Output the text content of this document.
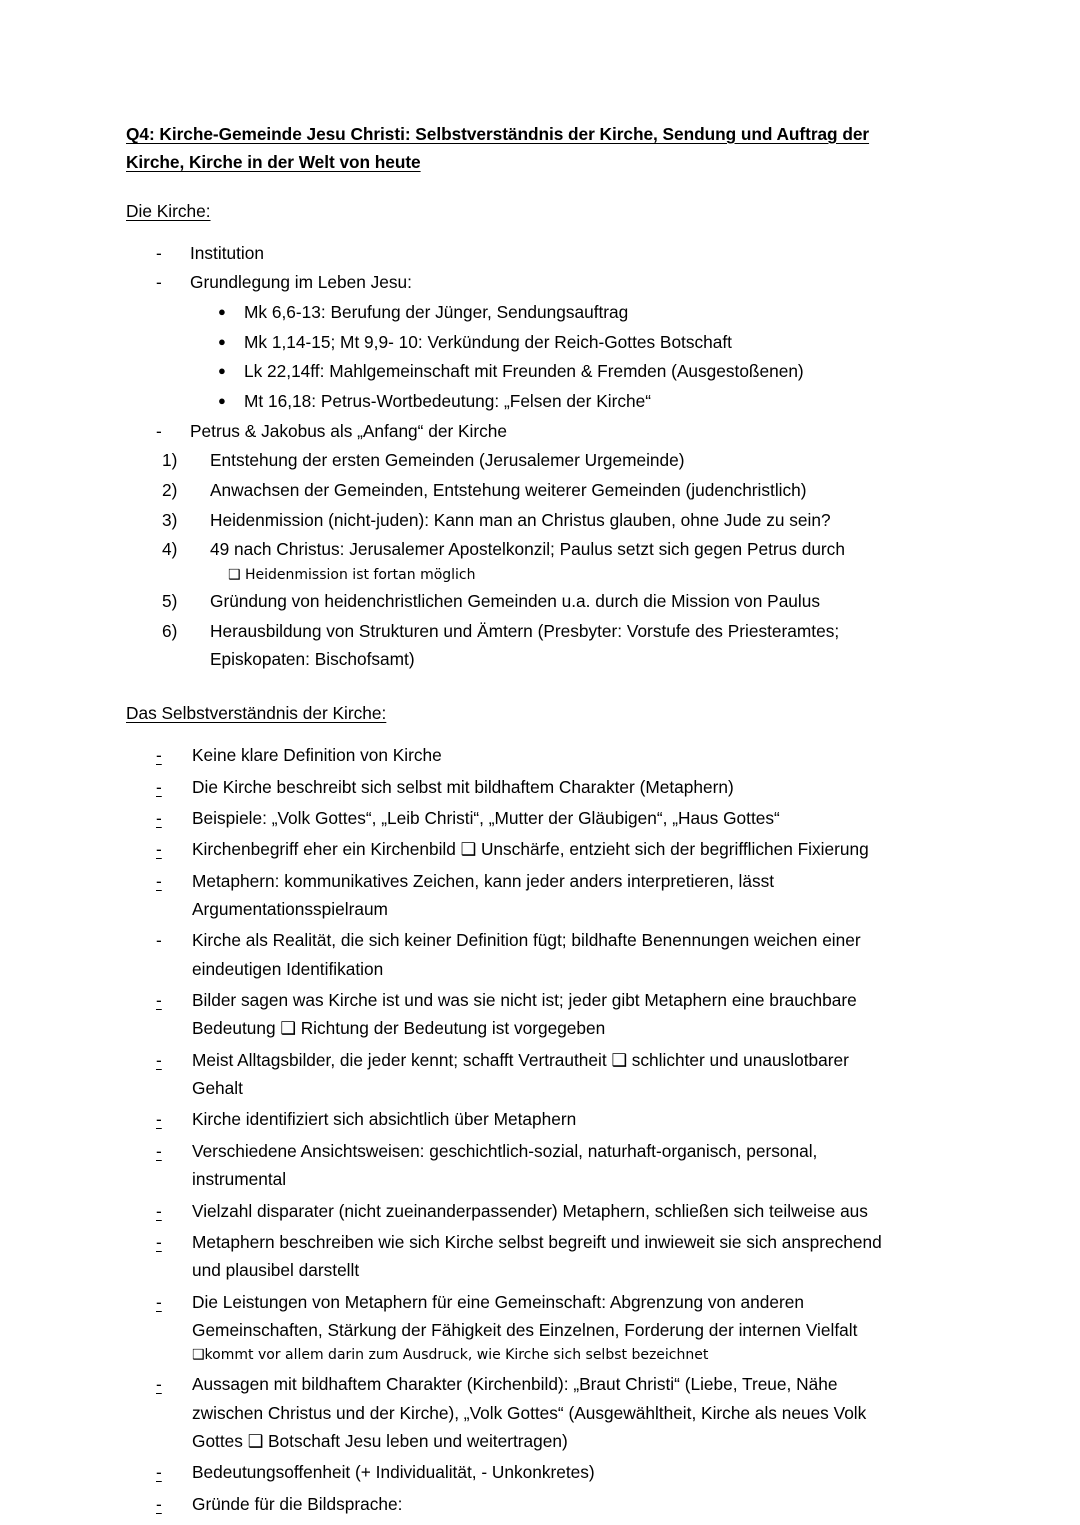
Q4: Kirche-Gemeinde Jesu Christi: Selbstverständnis der Kirche, Sendung und Auftrag der Kirche, Kirche in der Welt von heute
Die Kirche:
- Institution
- Grundlegung im Leben Jesu:
● Mk 6,6-13: Berufung der Jünger, Sendungsauftrag
● Mk 1,14-15; Mt 9,9- 10: Verkündung der Reich-Gottes Botschaft
● Lk 22,14ff: Mahlgemeinschaft mit Freunden & Fremden (Ausgestoßenen)
● Mt 16,18: Petrus-Wortbedeutung: „Felsen der Kirche“
- Petrus & Jakobus als „Anfang“ der Kirche
1) Entstehung der ersten Gemeinden (Jerusalemer Urgemeinde)
2) Anwachsen der Gemeinden, Entstehung weiterer Gemeinden (judenchristlich)
3) Heidenmission (nicht-juden): Kann man an Christus glauben, ohne Jude zu sein?
4) 49 nach Christus: Jerusalemer Apostelkonzil; Paulus setzt sich gegen Petrus durch
❑ Heidenmission ist fortan möglich
5) Gründung von heidenchristlichen Gemeinden u.a. durch die Mission von Paulus
6) Herausbildung von Strukturen und Ämtern (Presbyter: Vorstufe des Priesteramtes;
Episkopaten: Bischofsamt)
Das Selbstverständnis der Kirche:
- Keine klare Definition von Kirche
- Die Kirche beschreibt sich selbst mit bildhaftem Charakter (Metaphern)
- Beispiele: „Volk Gottes“, „Leib Christi“, „Mutter der Gläubigen“, „Haus Gottes“
- Kirchenbegriff eher ein Kirchenbild ❑ Unschärfe, entzieht sich der begrifflichen Fixierung
- Metaphern: kommunikatives Zeichen, kann jeder anders interpretieren, lässt
Argumentationsspielraum
- Kirche als Realität, die sich keiner Definition fügt; bildhafte Benennungen weichen einer
eindeutigen Identifikation
- Bilder sagen was Kirche ist und was sie nicht ist; jeder gibt Metaphern eine brauchbare
Bedeutung ❑ Richtung der Bedeutung ist vorgegeben
- Meist Alltagsbilder, die jeder kennt; schafft Vertrautheit ❑ schlichter und unauslotbarer
Gehalt
- Kirche identifiziert sich absichtlich über Metaphern
- Verschiedene Ansichtsweisen: geschichtlich-sozial, naturhaft-organisch, personal,
instrumental
- Vielzahl disparater (nicht zueinanderpassender) Metaphern, schließen sich teilweise aus
- Metaphern beschreiben wie sich Kirche selbst begreift und inwieweit sie sich ansprechend
und plausibel darstellt
- Die Leistungen von Metaphern für eine Gemeinschaft: Abgrenzung von anderen
Gemeinschaften, Stärkung der Fähigkeit des Einzelnen, Forderung der internen Vielfalt
❑kommt vor allem darin zum Ausdruck, wie Kirche sich selbst bezeichnet
- Aussagen mit bildhaftem Charakter (Kirchenbild): „Braut Christi“ (Liebe, Treue, Nähe
zwischen Christus und der Kirche), „Volk Gottes“ (Ausgewähltheit, Kirche als neues Volk
Gottes ❑ Botschaft Jesu leben und weitertragen)
- Bedeutungsoffenheit (+ Individualität, - Unkonkretes)
- Gründe für die Bildsprache:
